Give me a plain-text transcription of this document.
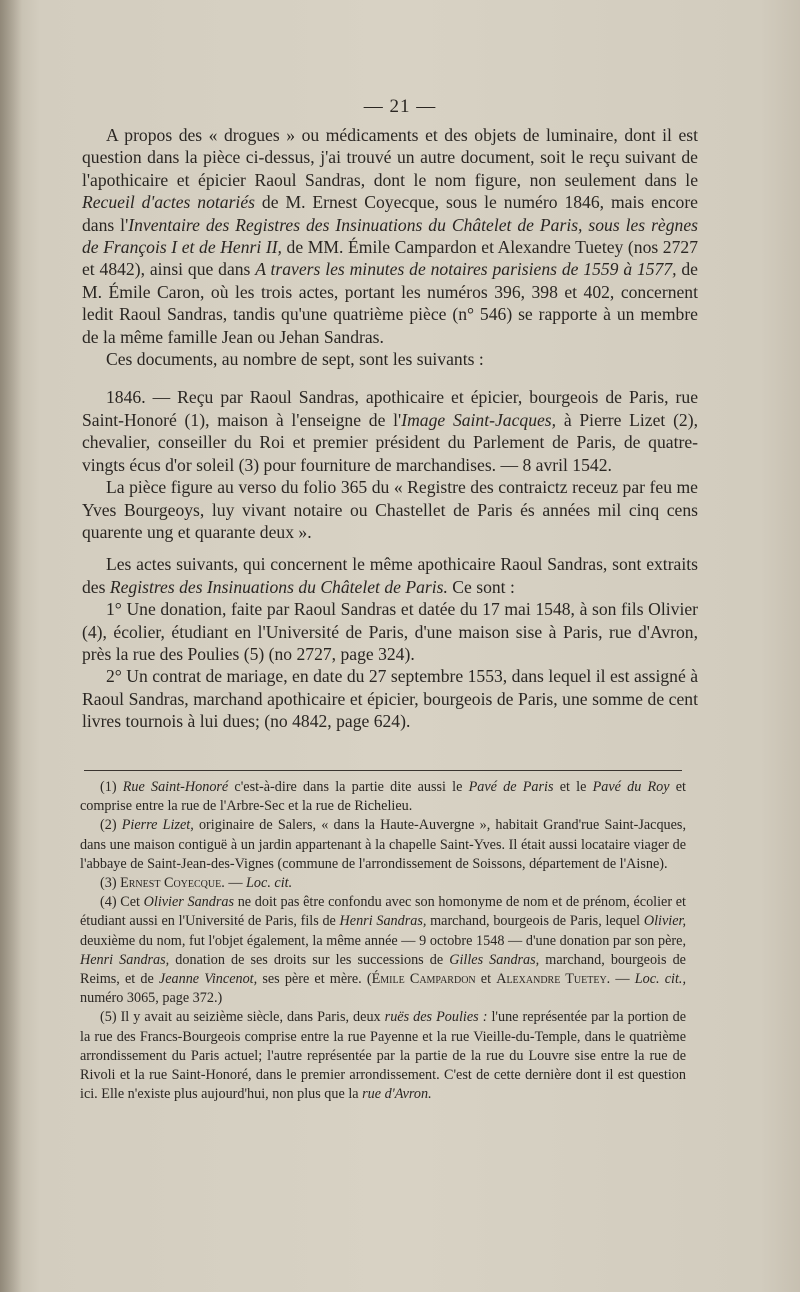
— 21 —

A propos des « drogues » ou médicaments et des objets de luminaire, dont il est question dans la pièce ci-dessus, j'ai trouvé un autre document, soit le reçu suivant de l'apothicaire et épicier Raoul Sandras, dont le nom figure, non seulement dans le Recueil d'actes notariés de M. Ernest Coyecque, sous le numéro 1846, mais encore dans l'Inventaire des Registres des Insinuations du Châtelet de Paris, sous les règnes de François I et de Henri II, de MM. Émile Campardon et Alexandre Tuetey (nos 2727 et 4842), ainsi que dans A travers les minutes de notaires parisiens de 1559 à 1577, de M. Émile Caron, où les trois actes, portant les numéros 396, 398 et 402, concernent ledit Raoul Sandras, tandis qu'une quatrième pièce (n° 546) se rapporte à un membre de la même famille Jean ou Jehan Sandras.

Ces documents, au nombre de sept, sont les suivants :

1846. — Reçu par Raoul Sandras, apothicaire et épicier, bourgeois de Paris, rue Saint-Honoré (1), maison à l'enseigne de l'Image Saint-Jacques, à Pierre Lizet (2), chevalier, conseiller du Roi et premier président du Parlement de Paris, de quatre-vingts écus d'or soleil (3) pour fourniture de marchandises. — 8 avril 1542.

La pièce figure au verso du folio 365 du « Registre des contraictz receuz par feu me Yves Bourgeoys, luy vivant notaire ou Chastellet de Paris és années mil cinq cens quarente ung et quarante deux ».

Les actes suivants, qui concernent le même apothicaire Raoul Sandras, sont extraits des Registres des Insinuations du Châtelet de Paris. Ce sont :

1° Une donation, faite par Raoul Sandras et datée du 17 mai 1548, à son fils Olivier (4), écolier, étudiant en l'Université de Paris, d'une maison sise à Paris, rue d'Avron, près la rue des Poulies (5) (no 2727, page 324).

2° Un contrat de mariage, en date du 27 septembre 1553, dans lequel il est assigné à Raoul Sandras, marchand apothicaire et épicier, bourgeois de Paris, une somme de cent livres tournois à lui dues; (no 4842, page 624).

(1) Rue Saint-Honoré c'est-à-dire dans la partie dite aussi le Pavé de Paris et le Pavé du Roy et comprise entre la rue de l'Arbre-Sec et la rue de Richelieu.

(2) Pierre Lizet, originaire de Salers, « dans la Haute-Auvergne », habitait Grand'rue Saint-Jacques, dans une maison contiguë à un jardin appartenant à la chapelle Saint-Yves. Il était aussi locataire viager de l'abbaye de Saint-Jean-des-Vignes (commune de l'arrondissement de Soissons, département de l'Aisne).

(3) Ernest Coyecque. — Loc. cit.

(4) Cet Olivier Sandras ne doit pas être confondu avec son homonyme de nom et de prénom, écolier et étudiant aussi en l'Université de Paris, fils de Henri Sandras, marchand, bourgeois de Paris, lequel Olivier, deuxième du nom, fut l'objet également, la même année — 9 octobre 1548 — d'une donation par son père, Henri Sandras, donation de ses droits sur les successions de Gilles Sandras, marchand, bourgeois de Reims, et de Jeanne Vincenot, ses père et mère. (Émile Campardon et Alexandre Tuetey. — Loc. cit., numéro 3065, page 372.)

(5) Il y avait au seizième siècle, dans Paris, deux ruës des Poulies : l'une représentée par la portion de la rue des Francs-Bourgeois comprise entre la rue Payenne et la rue Vieille-du-Temple, dans le quatrième arrondissement du Paris actuel; l'autre représentée par la partie de la rue du Louvre sise entre la rue de Rivoli et la rue Saint-Honoré, dans le premier arrondissement. C'est de cette dernière dont il est question ici. Elle n'existe plus aujourd'hui, non plus que la rue d'Avron.
